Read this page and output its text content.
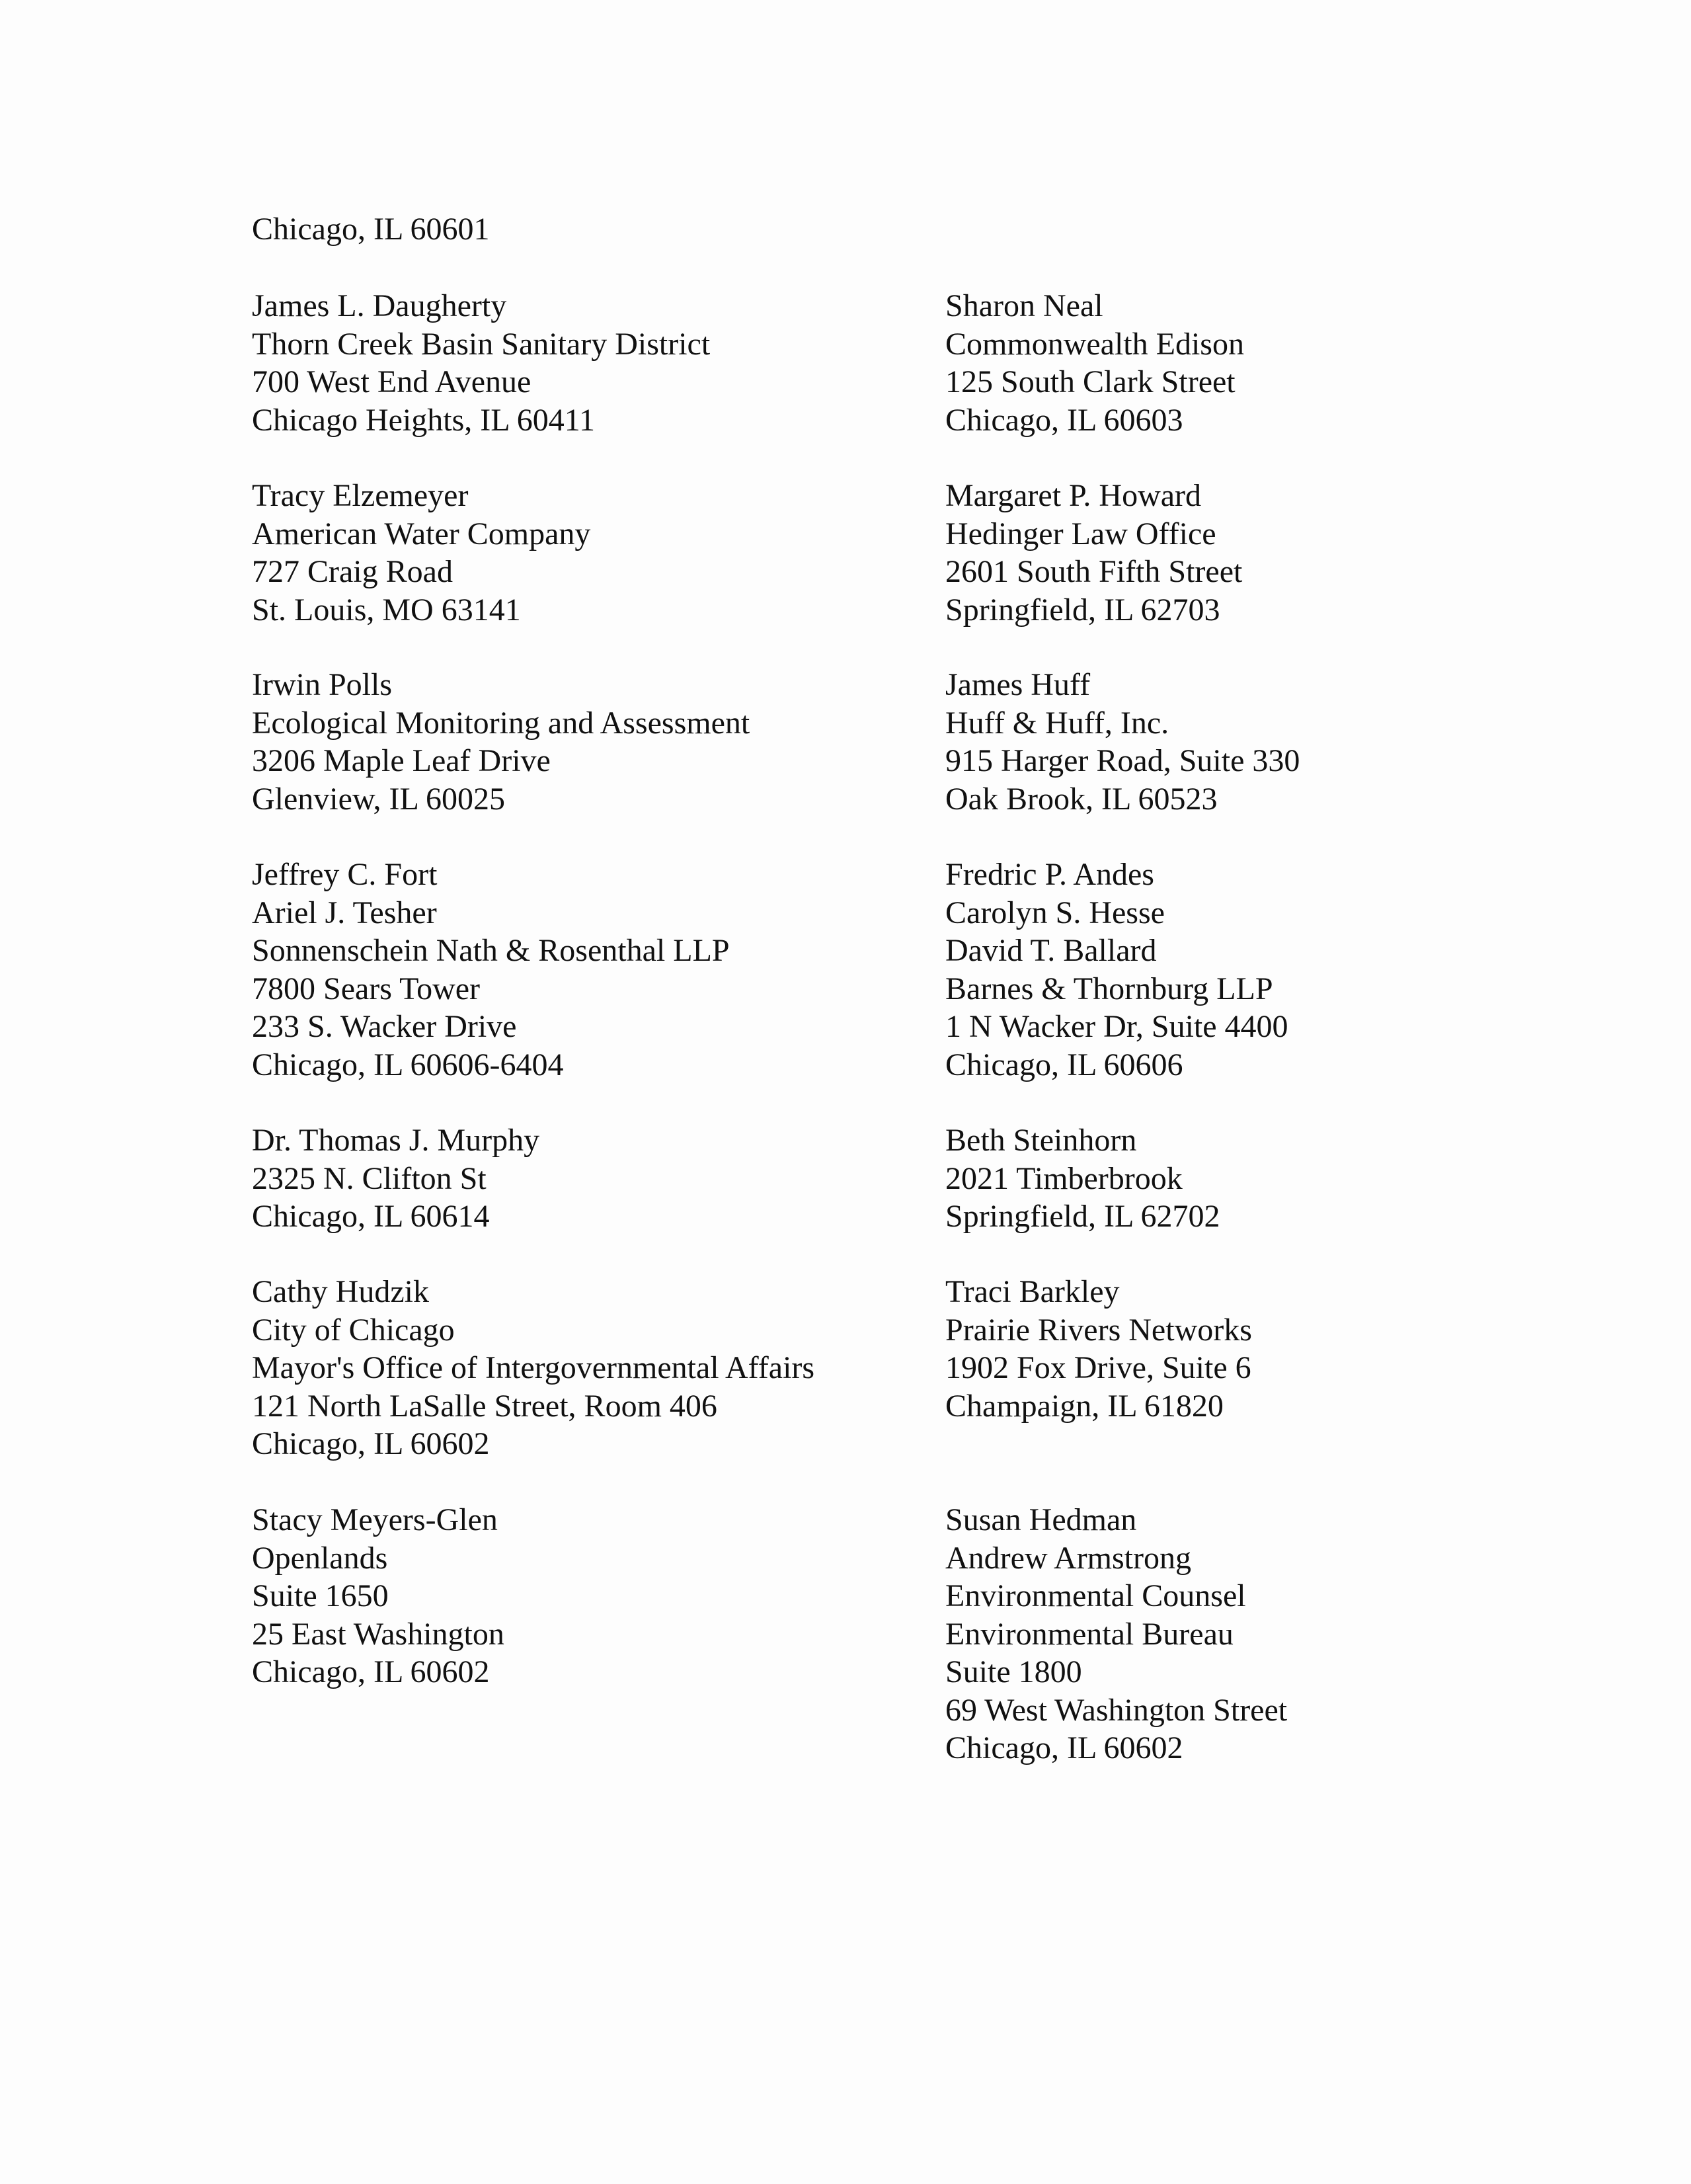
Chicago, IL 60601
James L. Daugherty
Thorn Creek Basin Sanitary District
700 West End Avenue
Chicago Heights, IL 60411
Tracy Elzemeyer
American Water Company
727 Craig Road
St. Louis, MO 63141
Irwin Polls
Ecological Monitoring and Assessment
3206 Maple Leaf Drive
Glenview, IL 60025
Jeffrey C. Fort
Ariel J. Tesher
Sonnenschein Nath & Rosenthal LLP
7800 Sears Tower
233 S. Wacker Drive
Chicago, IL 60606-6404
Dr. Thomas J. Murphy
2325 N. Clifton St
Chicago, IL 60614
Cathy Hudzik
City of Chicago
Mayor's Office of Intergovernmental Affairs
121 North LaSalle Street, Room 406
Chicago, IL 60602
Stacy Meyers-Glen
Openlands
Suite 1650
25 East Washington
Chicago, IL 60602
Sharon Neal
Commonwealth Edison
125 South Clark Street
Chicago, IL 60603
Margaret P. Howard
Hedinger Law Office
2601 South Fifth Street
Springfield, IL 62703
James Huff
Huff & Huff, Inc.
915 Harger Road, Suite 330
Oak Brook, IL 60523
Fredric P. Andes
Carolyn S. Hesse
David T. Ballard
Barnes & Thornburg LLP
1 N Wacker Dr, Suite 4400
Chicago, IL 60606
Beth Steinhorn
2021 Timberbrook
Springfield, IL 62702
Traci Barkley
Prairie Rivers Networks
1902 Fox Drive, Suite 6
Champaign, IL 61820
Susan Hedman
Andrew Armstrong
Environmental Counsel
Environmental Bureau
Suite 1800
69 West Washington Street
Chicago, IL 60602
